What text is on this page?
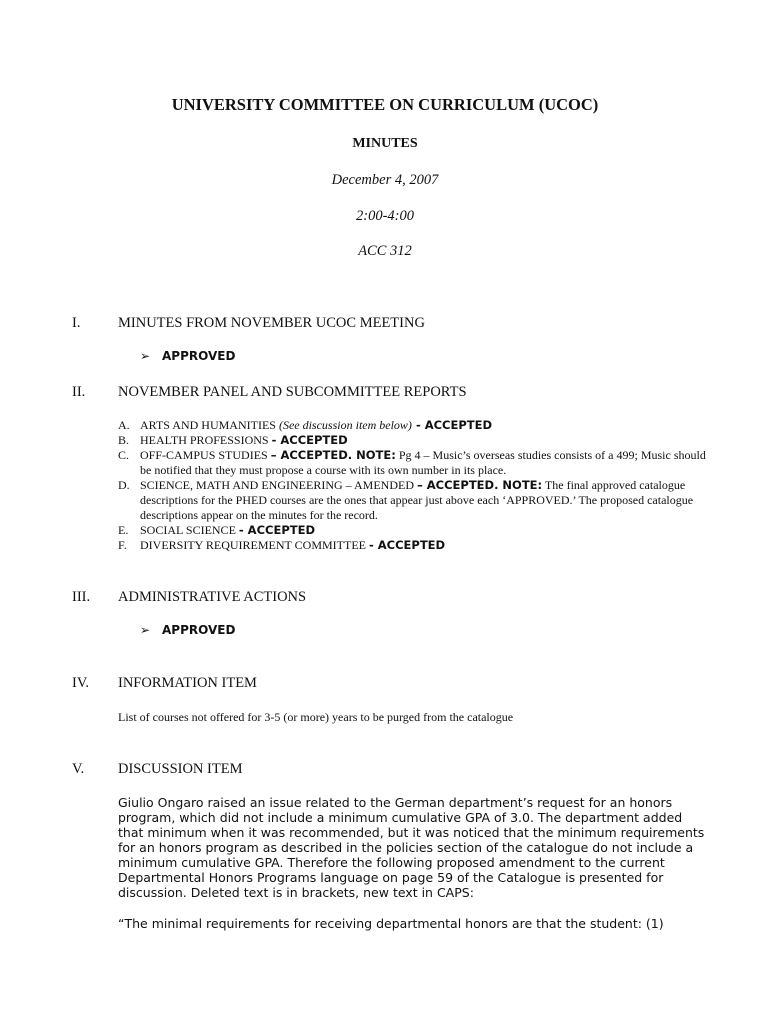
UNIVERSITY COMMITTEE ON CURRICULUM (UCOC)
MINUTES
December 4, 2007
2:00-4:00
ACC 312
I.	MINUTES FROM NOVEMBER UCOC MEETING
➢ APPROVED
II. NOVEMBER PANEL AND SUBCOMMITTEE REPORTS
A. ARTS AND HUMANITIES (See discussion item below) - ACCEPTED
B. HEALTH PROFESSIONS - ACCEPTED
C. OFF-CAMPUS STUDIES – ACCEPTED. NOTE: Pg 4 – Music’s overseas studies consists of a 499; Music should be notified that they must propose a course with its own number in its place.
D. SCIENCE, MATH AND ENGINEERING – AMENDED – ACCEPTED. NOTE: The final approved catalogue descriptions for the PHED courses are the ones that appear just above each ‘APPROVED.’ The proposed catalogue descriptions appear on the minutes for the record.
E. SOCIAL SCIENCE - ACCEPTED
F.	DIVERSITY REQUIREMENT COMMITTEE - ACCEPTED
III. ADMINISTRATIVE ACTIONS
➢ APPROVED
IV. INFORMATION ITEM
List of courses not offered for 3-5 (or more) years to be purged from the catalogue
V. DISCUSSION ITEM
Giulio Ongaro raised an issue related to the German department’s request for an honors program, which did not include a minimum cumulative GPA of 3.0. The department added that minimum when it was recommended, but it was noticed that the minimum requirements for an honors program as described in the policies section of the catalogue do not include a minimum cumulative GPA. Therefore the following proposed amendment to the current Departmental Honors Programs language on page 59 of the Catalogue is presented for discussion. Deleted text is in brackets, new text in CAPS:
“The minimal requirements for receiving departmental honors are that the student: (1)
